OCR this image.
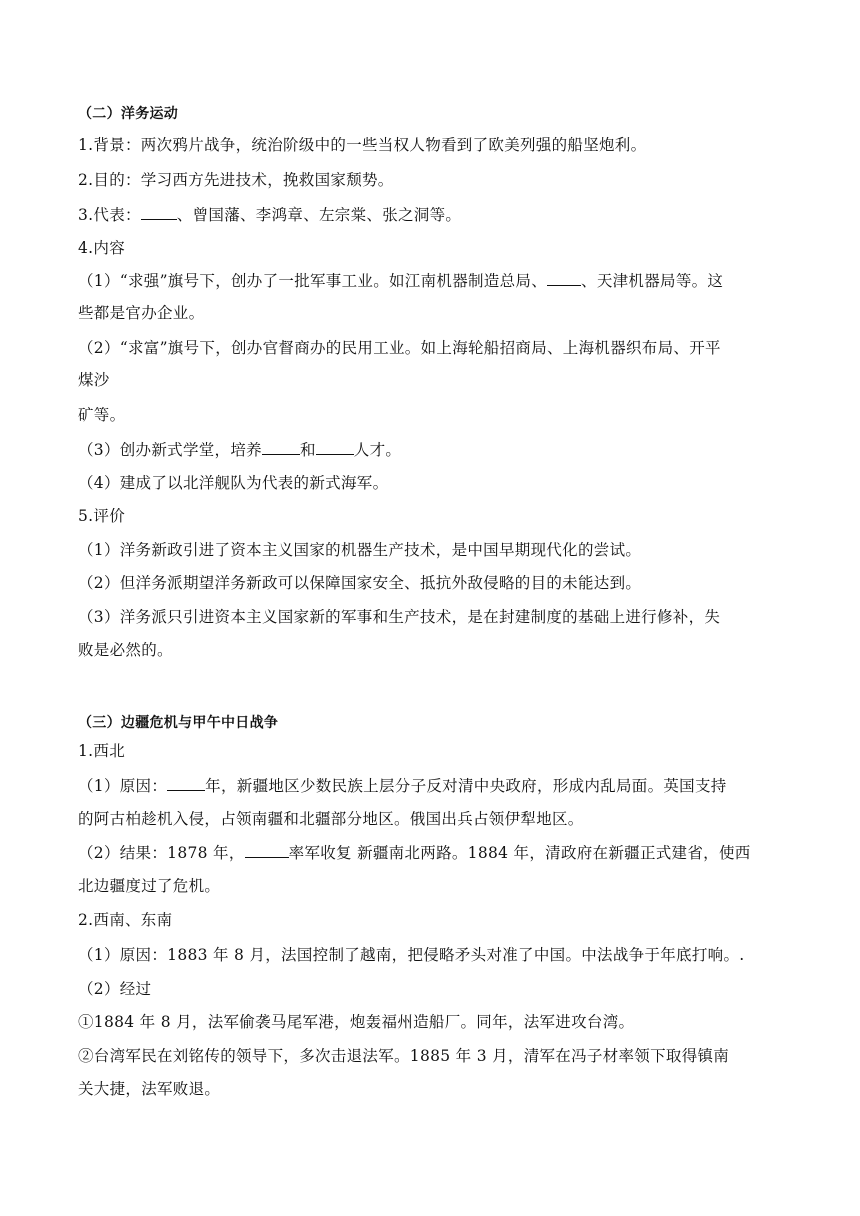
（二）洋务运动
1.背景：两次鸦片战争，统治阶级中的一些当权人物看到了欧美列强的船坚炮利。
2.目的：学习西方先进技术，挽救国家颓势。
3.代表： 、曾国藩、李鸿章、左宗棠、张之洞等。
4.内容
（1）“求强”旗号下，创办了一批军事工业。如江南机器制造总局、 、天津机器局等。这
些都是官办企业。
（2）“求富”旗号下，创办官督商办的民用工业。如上海轮船招商局、上海机器织布局、开平
煤沙
矿等。
（3）创办新式学堂，培养 和 人才。
（4）建成了以北洋舰队为代表的新式海军。
5.评价
（1）洋务新政引进了资本主义国家的机器生产技术，是中国早期现代化的尝试。
（2）但洋务派期望洋务新政可以保障国家安全、抵抗外敌侵略的目的未能达到。
（3）洋务派只引进资本主义国家新的军事和生产技术，是在封建制度的基础上进行修补，失
败是必然的。
（三）边疆危机与甲午中日战争
1.西北
（1）原因： 年，新疆地区少数民族上层分子反对清中央政府，形成内乱局面。英国支持
的阿古柏趁机入侵，占领南疆和北疆部分地区。俄国出兵占领伊犁地区。
（2）结果：1878 年，	率军收复 新疆南北两路。1884 年，清政府在新疆正式建省，使西
北边疆度过了危机。
2.西南、东南
（1）原因：1883 年 8 月，法国控制了越南，把侵略矛头对准了中国。中法战争于年底打响。.
（2）经过
①1884 年 8 月，法军偷袭马尾军港，炮轰福州造船厂。同年，法军进攻台湾。
②台湾军民在刘铭传的领导下，多次击退法军。1885 年 3 月，清军在冯子材率领下取得镇南
关大捷，法军败退。
